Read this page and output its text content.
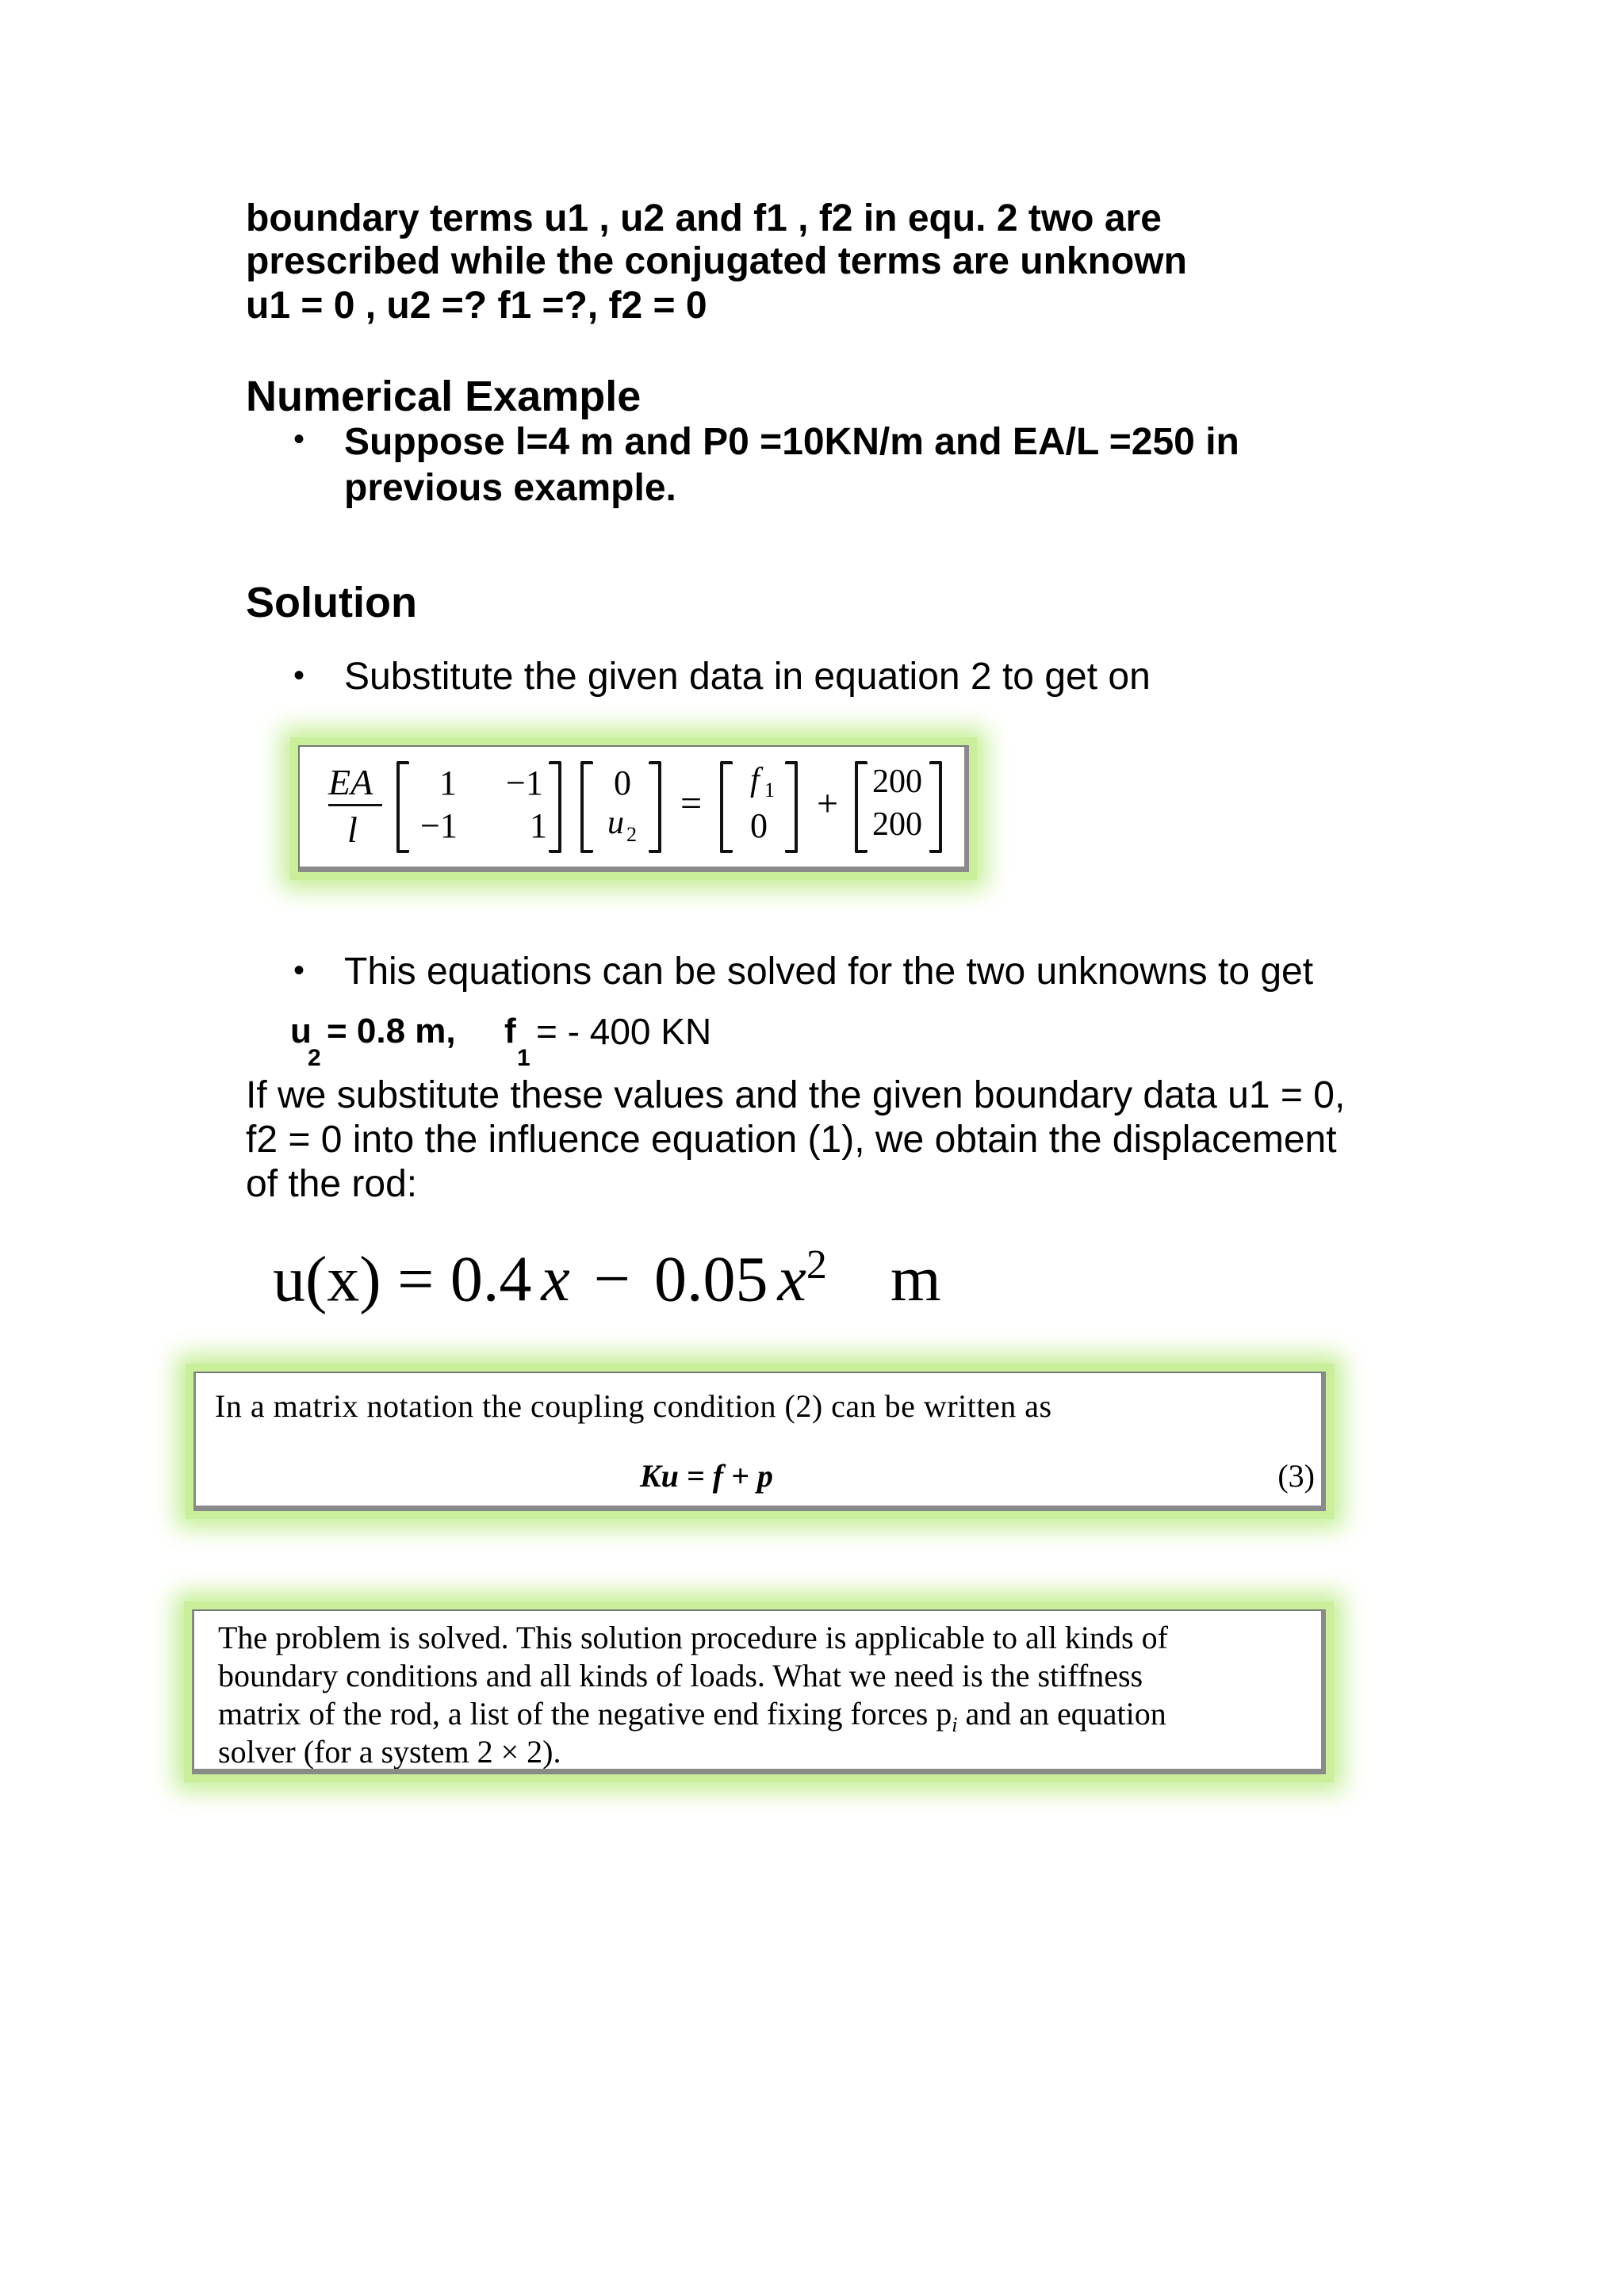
boundary terms u1 , u2 and f1 , f2 in equ. 2 two are
prescribed while the conjugated terms are unknown
u1 = 0 , u2 =? f1 =?, f2 = 0
Numerical Example
• Suppose l=4 m and P0 =10KN/m and EA/L =250 in
previous example.
Solution
• Substitute the given data in equation 2 to get on
EA
l
1 −1
−1 1
0
u 2
=
f 1
0
+
200
200
• This equations can be solved for the two unknowns to get
u
2
= 0.8 m, f
1
= - 400 KN
If we substitute these values and the given boundary data u1 = 0,
f2 = 0 into the influence equation (1), we obtain the displacement
of the rod:
u(x) = 0.4 x − 0.05 $x^2$ m
In a matrix notation the coupling condition (2) can be written as
Ku = f + p	(3)
The problem is solved. This solution procedure is applicable to all kinds of
boundary conditions and all kinds of loads. What we need is the stiffness
matrix of the rod, a list of the negative end fixing forces $p_i$ and an equation
solver (for a system 2 × 2).
